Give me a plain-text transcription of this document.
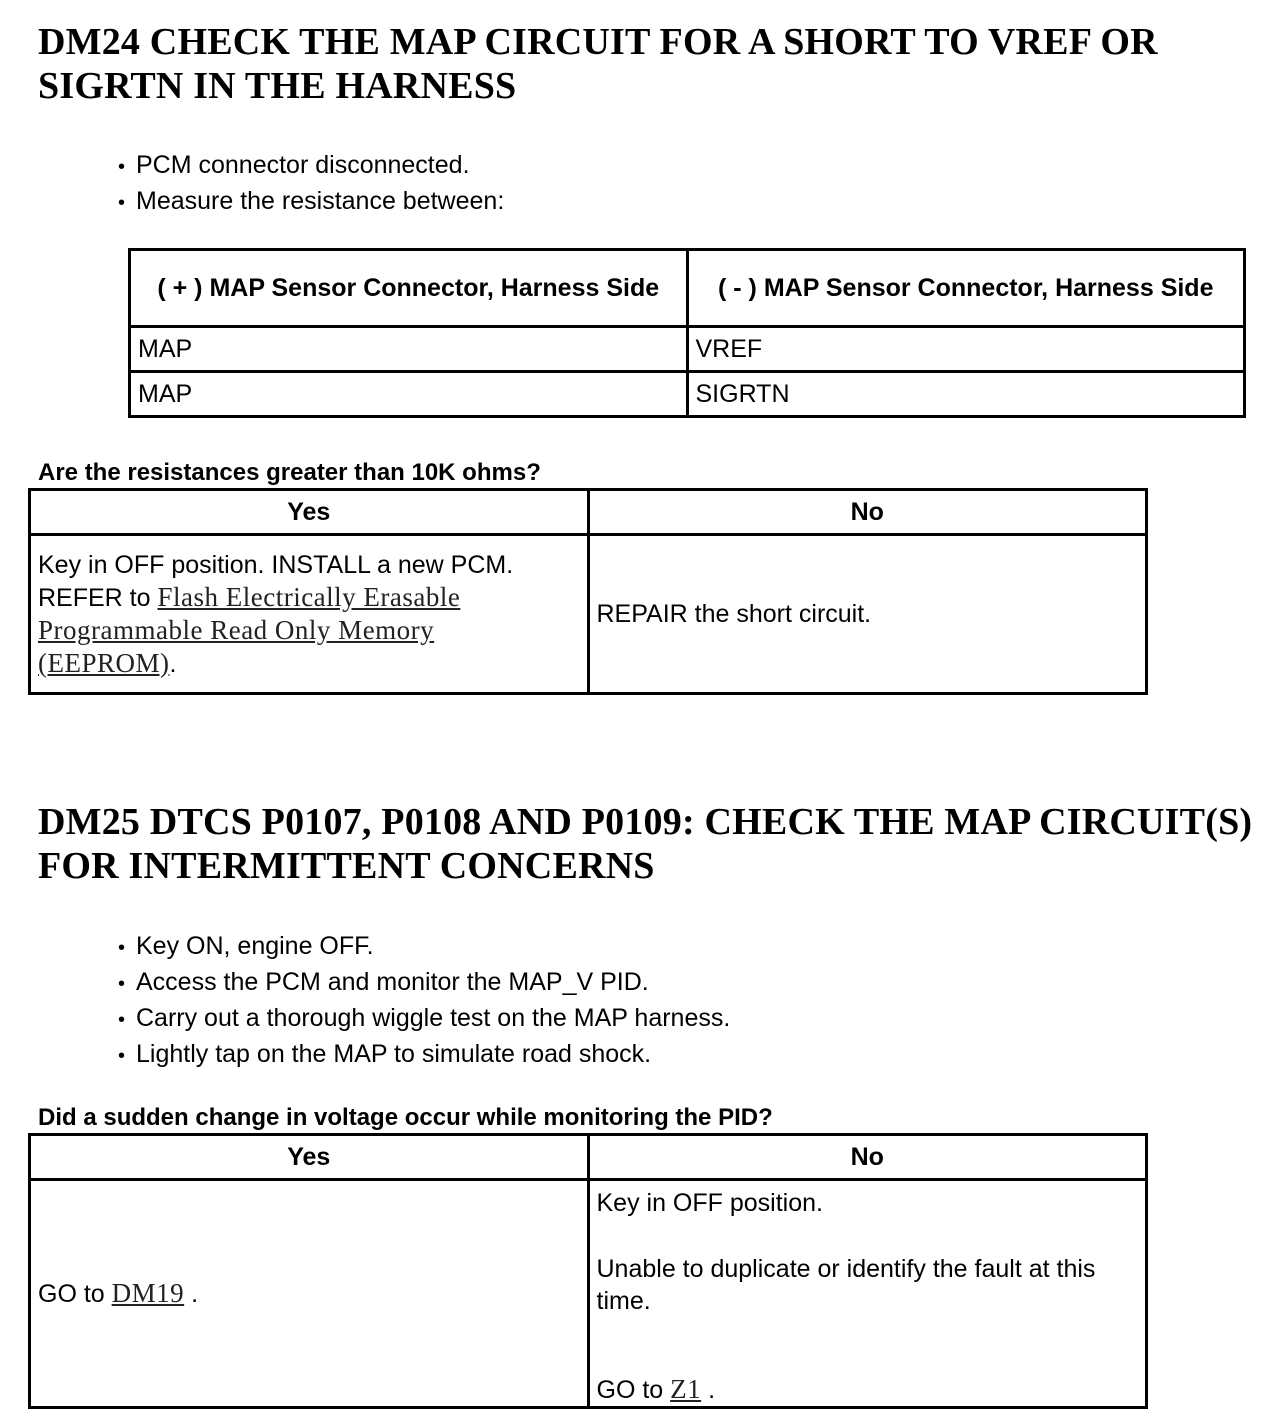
DM24 CHECK THE MAP CIRCUIT FOR A SHORT TO VREF OR SIGRTN IN THE HARNESS
• PCM connector disconnected.
• Measure the resistance between:
( + ) MAP Sensor Connector, Harness Side	( - ) MAP Sensor Connector, Harness Side
MAP	VREF
MAP	SIGRTN

Are the resistances greater than 10K ohms?

Yes	No
Key in OFF position. INSTALL a new PCM. REFER to Flash Electrically Erasable Programmable Read Only Memory (EEPROM).	REPAIR the short circuit.
DM25 DTCS P0107, P0108 AND P0109: CHECK THE MAP CIRCUIT(S) FOR INTERMITTENT CONCERNS
• Key ON, engine OFF.
• Access the PCM and monitor the MAP_V PID.
• Carry out a thorough wiggle test on the MAP harness.
• Lightly tap on the MAP to simulate road shock.

Did a sudden change in voltage occur while monitoring the PID?

Yes	No
GO to DM19 .	Key in OFF position.
Unable to duplicate or identify the fault at this time.
GO to Z1 .
